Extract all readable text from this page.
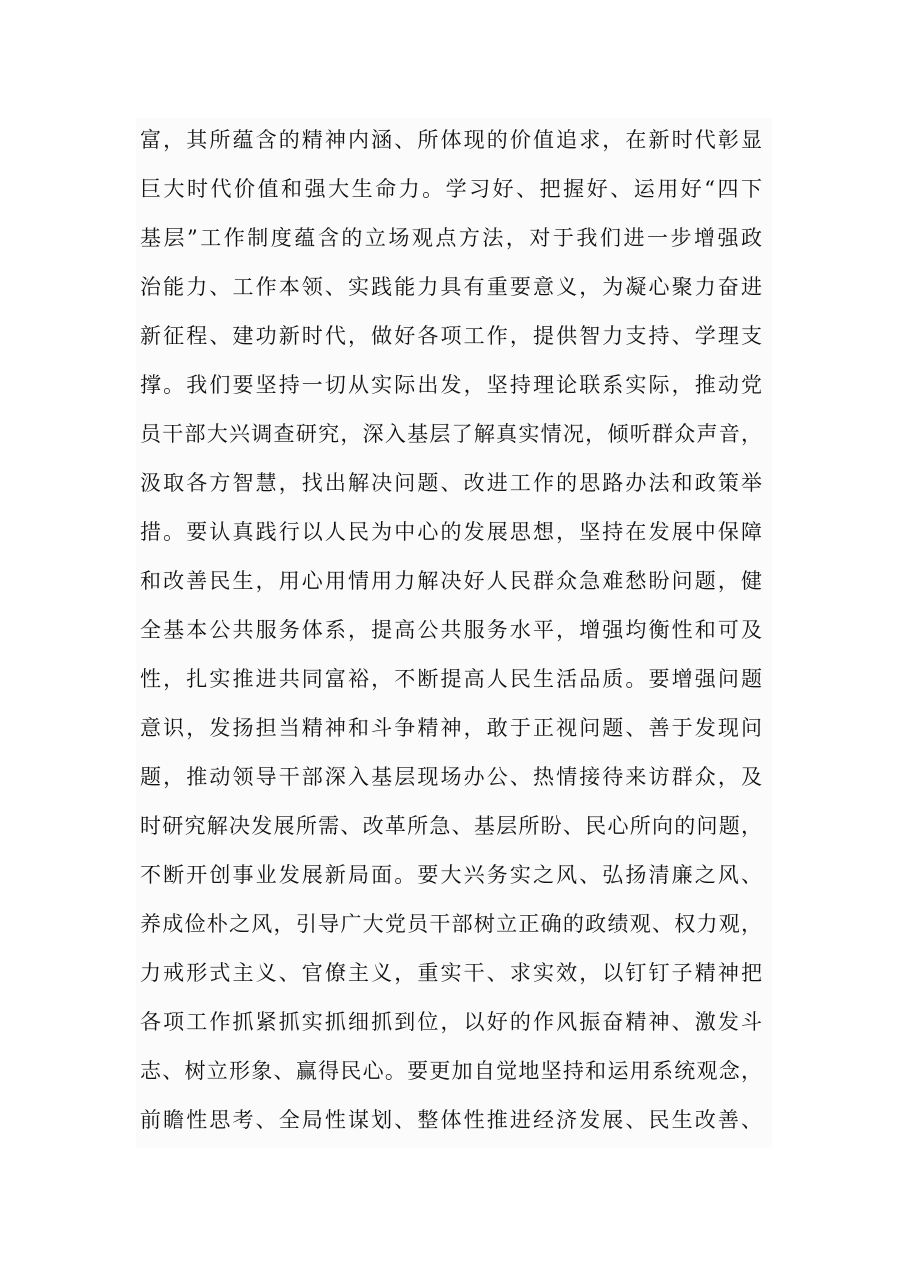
富，其所蕴含的精神内涵、所体现的价值追求，在新时代彰显
巨大时代价值和强大生命力。学习好、把握好、运用好“四下
基层”工作制度蕴含的立场观点方法，对于我们进一步增强政
治能力、工作本领、实践能力具有重要意义，为凝心聚力奋进
新征程、建功新时代，做好各项工作，提供智力支持、学理支
撑。我们要坚持一切从实际出发，坚持理论联系实际，推动党
员干部大兴调查研究，深入基层了解真实情况，倾听群众声音，
汲取各方智慧，找出解决问题、改进工作的思路办法和政策举
措。要认真践行以人民为中心的发展思想，坚持在发展中保障
和改善民生，用心用情用力解决好人民群众急难愁盼问题，健
全基本公共服务体系，提高公共服务水平，增强均衡性和可及
性，扎实推进共同富裕，不断提高人民生活品质。要增强问题
意识，发扬担当精神和斗争精神，敢于正视问题、善于发现问
题，推动领导干部深入基层现场办公、热情接待来访群众，及
时研究解决发展所需、改革所急、基层所盼、民心所向的问题，
不断开创事业发展新局面。要大兴务实之风、弘扬清廉之风、
养成俭朴之风，引导广大党员干部树立正确的政绩观、权力观，
力戒形式主义、官僚主义，重实干、求实效，以钉钉子精神把
各项工作抓紧抓实抓细抓到位，以好的作风振奋精神、激发斗
志、树立形象、赢得民心。要更加自觉地坚持和运用系统观念，
前瞻性思考、全局性谋划、整体性推进经济发展、民生改善、
